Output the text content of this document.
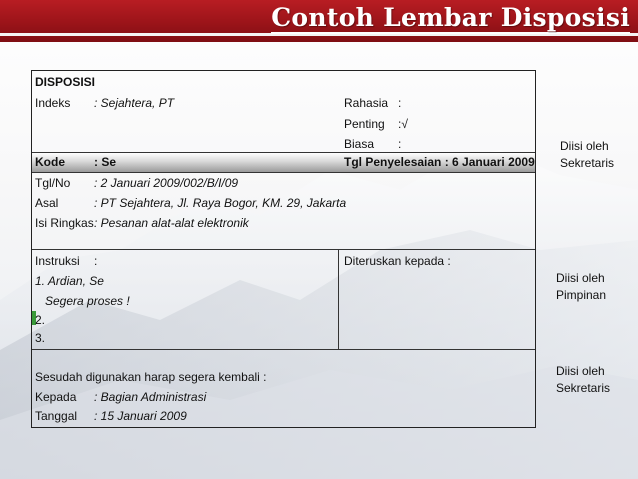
Contoh Lembar Disposisi
DISPOSISI
Indeks : Sejahtera, PT	Rahasia :
Penting :√
Biasa :
Kode : Se	Tgl Penyelesaian : 6 Januari 2009
Tgl/No : 2 Januari 2009/002/B/I/09
Asal	: PT Sejahtera, Jl. Raya Bogor, KM. 29, Jakarta
Isi Ringkas : Pesanan alat-alat elektronik
Instruksi :	Diteruskan kepada :
1. Ardian, Se
Segera proses !
2.
3.
Sesudah digunakan harap segera kembali :
Kepada : Bagian Administrasi
Tanggal : 15 Januari 2009
Diisi oleh
Sekretaris
Diisi oleh
Pimpinan
Diisi oleh
Sekretaris
